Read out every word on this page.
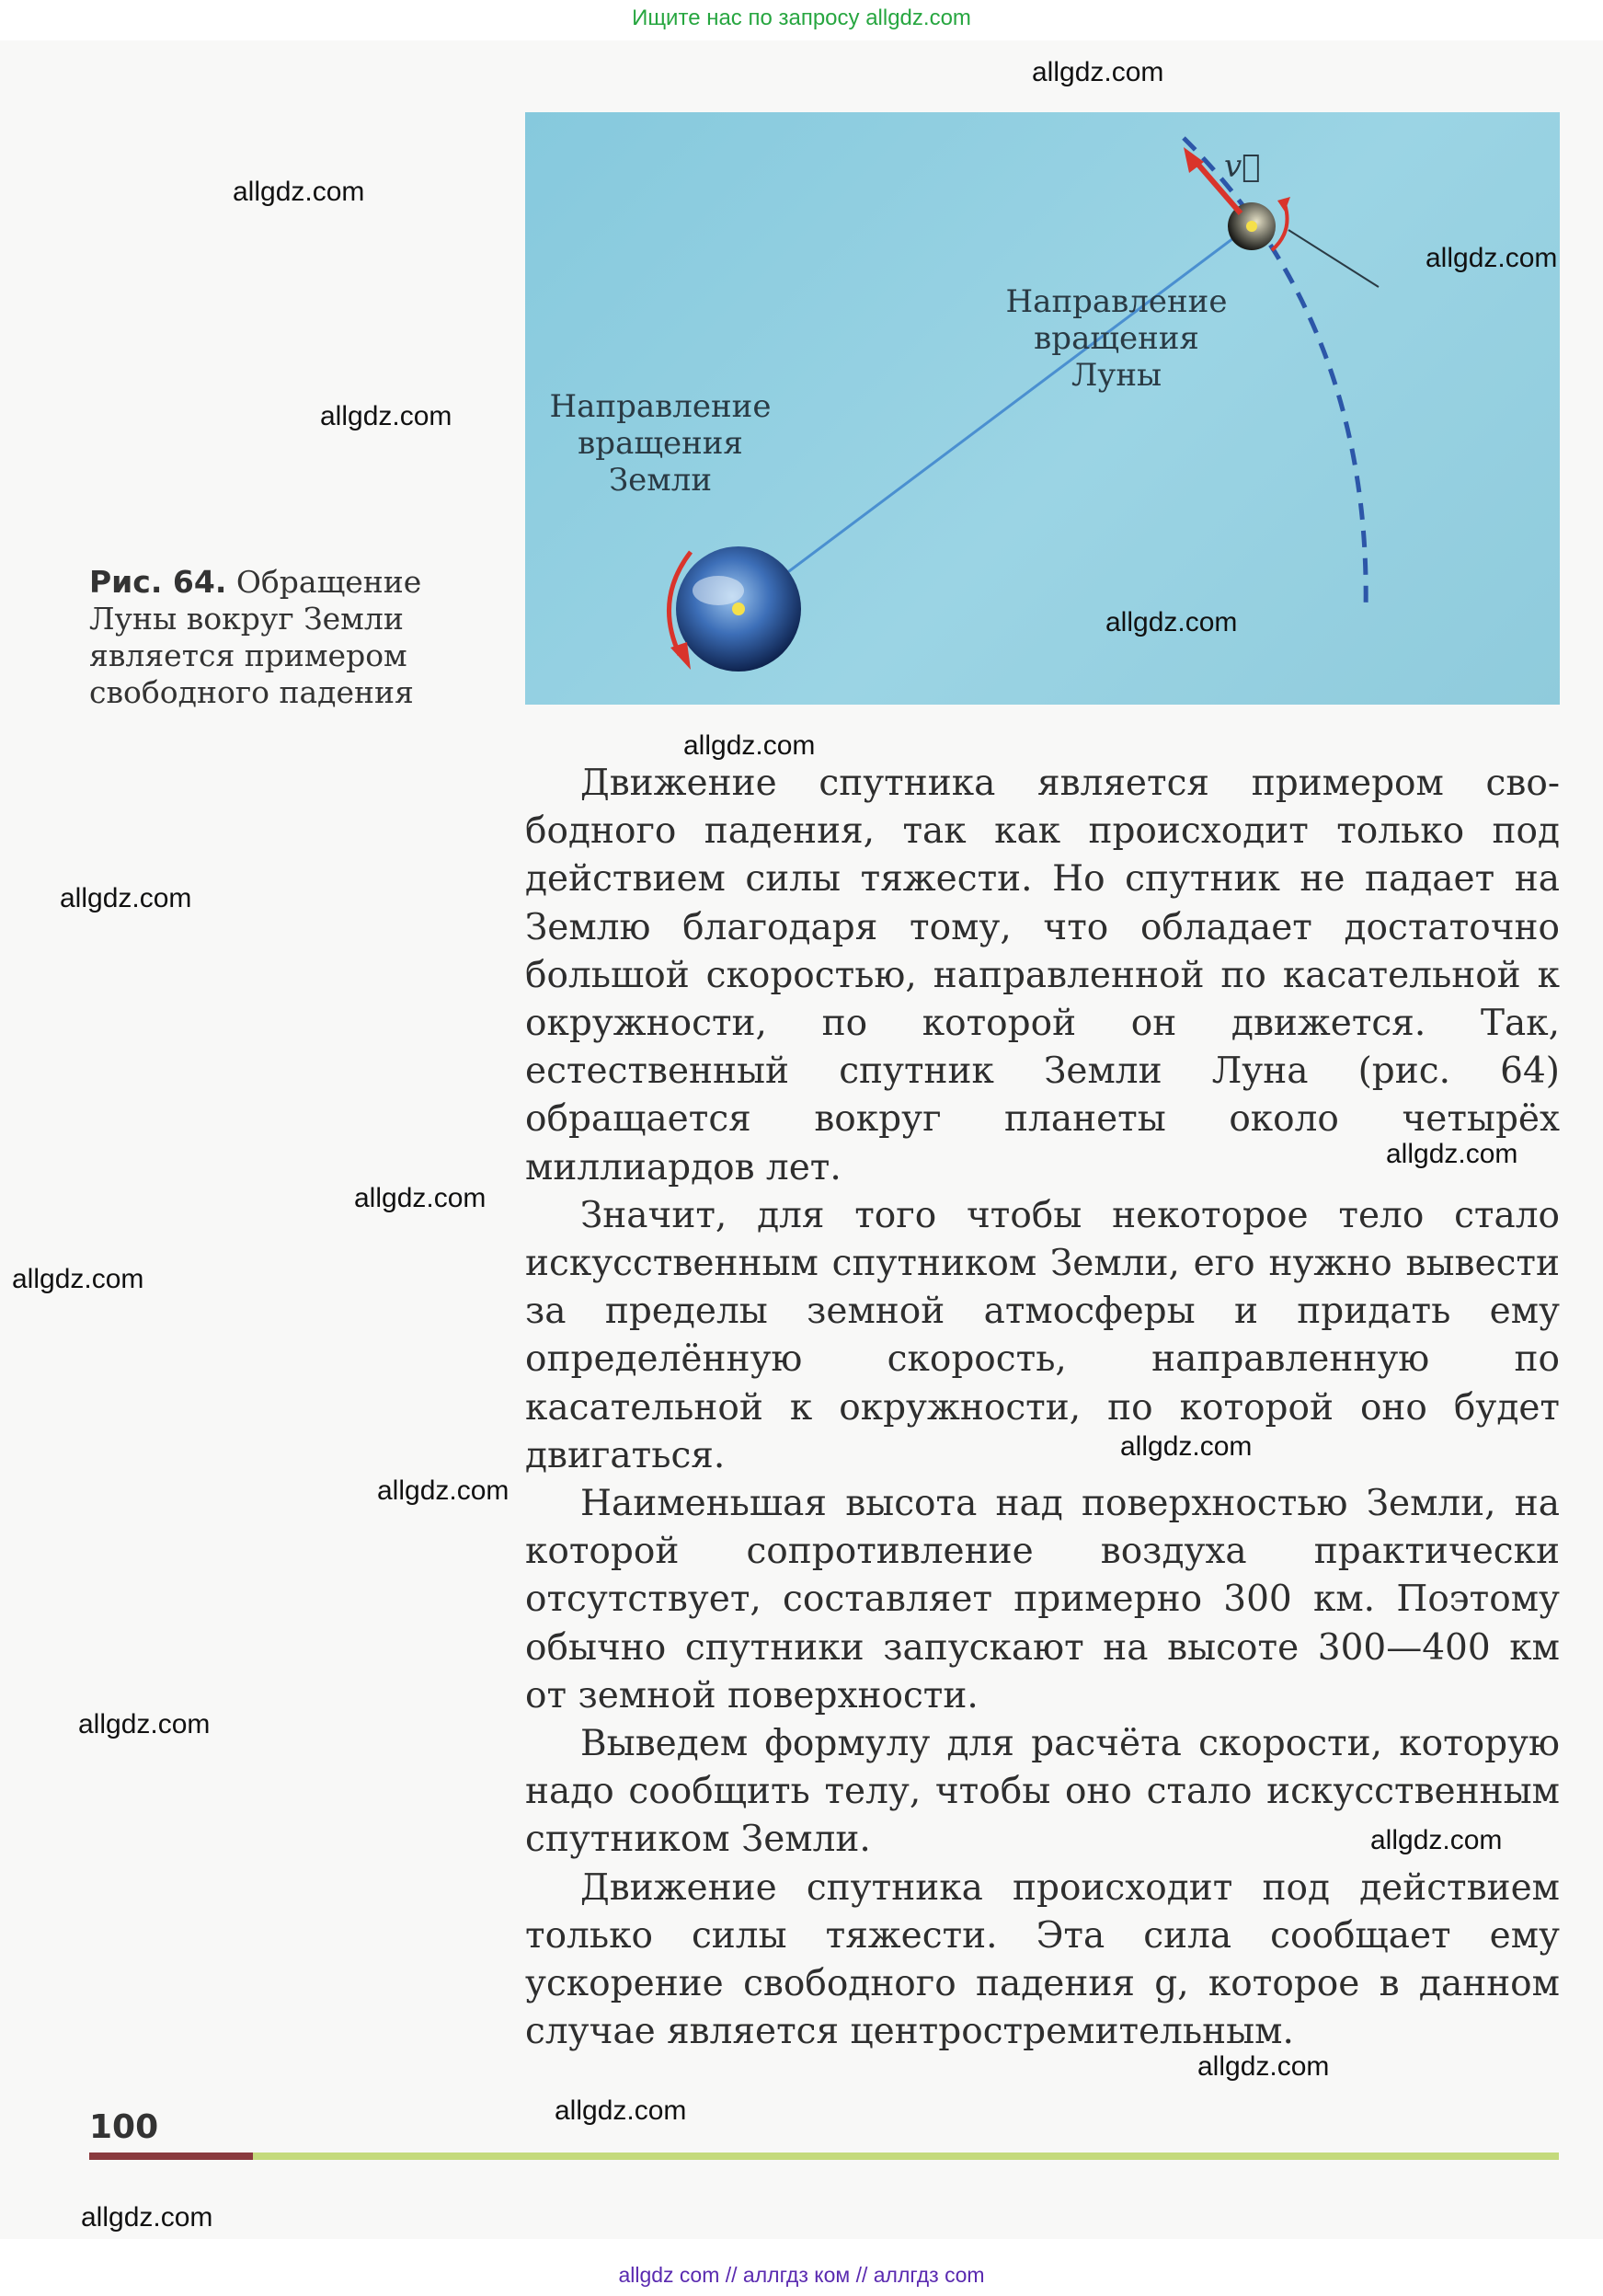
Ищите нас по запросу allgdz.com
v⃗
Направление
вращения
Луны
Направление
вращения
Земли
Рис. 64. Обращение Луны вокруг Земли является примером свободного падения

Движение спутника является примером свободного падения, так как происходит только под действием силы тяжести. Но спутник не падает на Землю благодаря тому, что обладает достаточно большой скоростью, направленной по касательной к окружности, по которой он движется. Так, естественный спутник Земли Луна (рис. 64) обращается вокруг планеты около четырёх миллиардов лет.

Значит, для того чтобы некоторое тело стало искусственным спутником Земли, его нужно вывести за пределы земной атмосферы и придать ему определённую скорость, направленную по касательной к окружности, по которой оно будет двигаться.

Наименьшая высота над поверхностью Земли, на которой сопротивление воздуха практически отсутствует, составляет примерно 300 км. Поэтому обычно спутники запускают на высоте 300—400 км от земной поверхности.

Выведем формулу для расчёта скорости, которую надо сообщить телу, чтобы оно стало искусственным спутником Земли.

Движение спутника происходит под действием только силы тяжести. Эта сила сообщает ему ускорение свободного падения g, которое в данном случае является центростремительным.

100
allgdz.com
allgdz.com
allgdz.com
allgdz.com
allgdz.com
allgdz.com
allgdz.com
allgdz.com
allgdz.com
allgdz.com
allgdz.com
allgdz.com
allgdz.com
allgdz.com
allgdz.com
allgdz.com
allgdz.com
allgdz com // аллгдз ком // аллгдз сom
